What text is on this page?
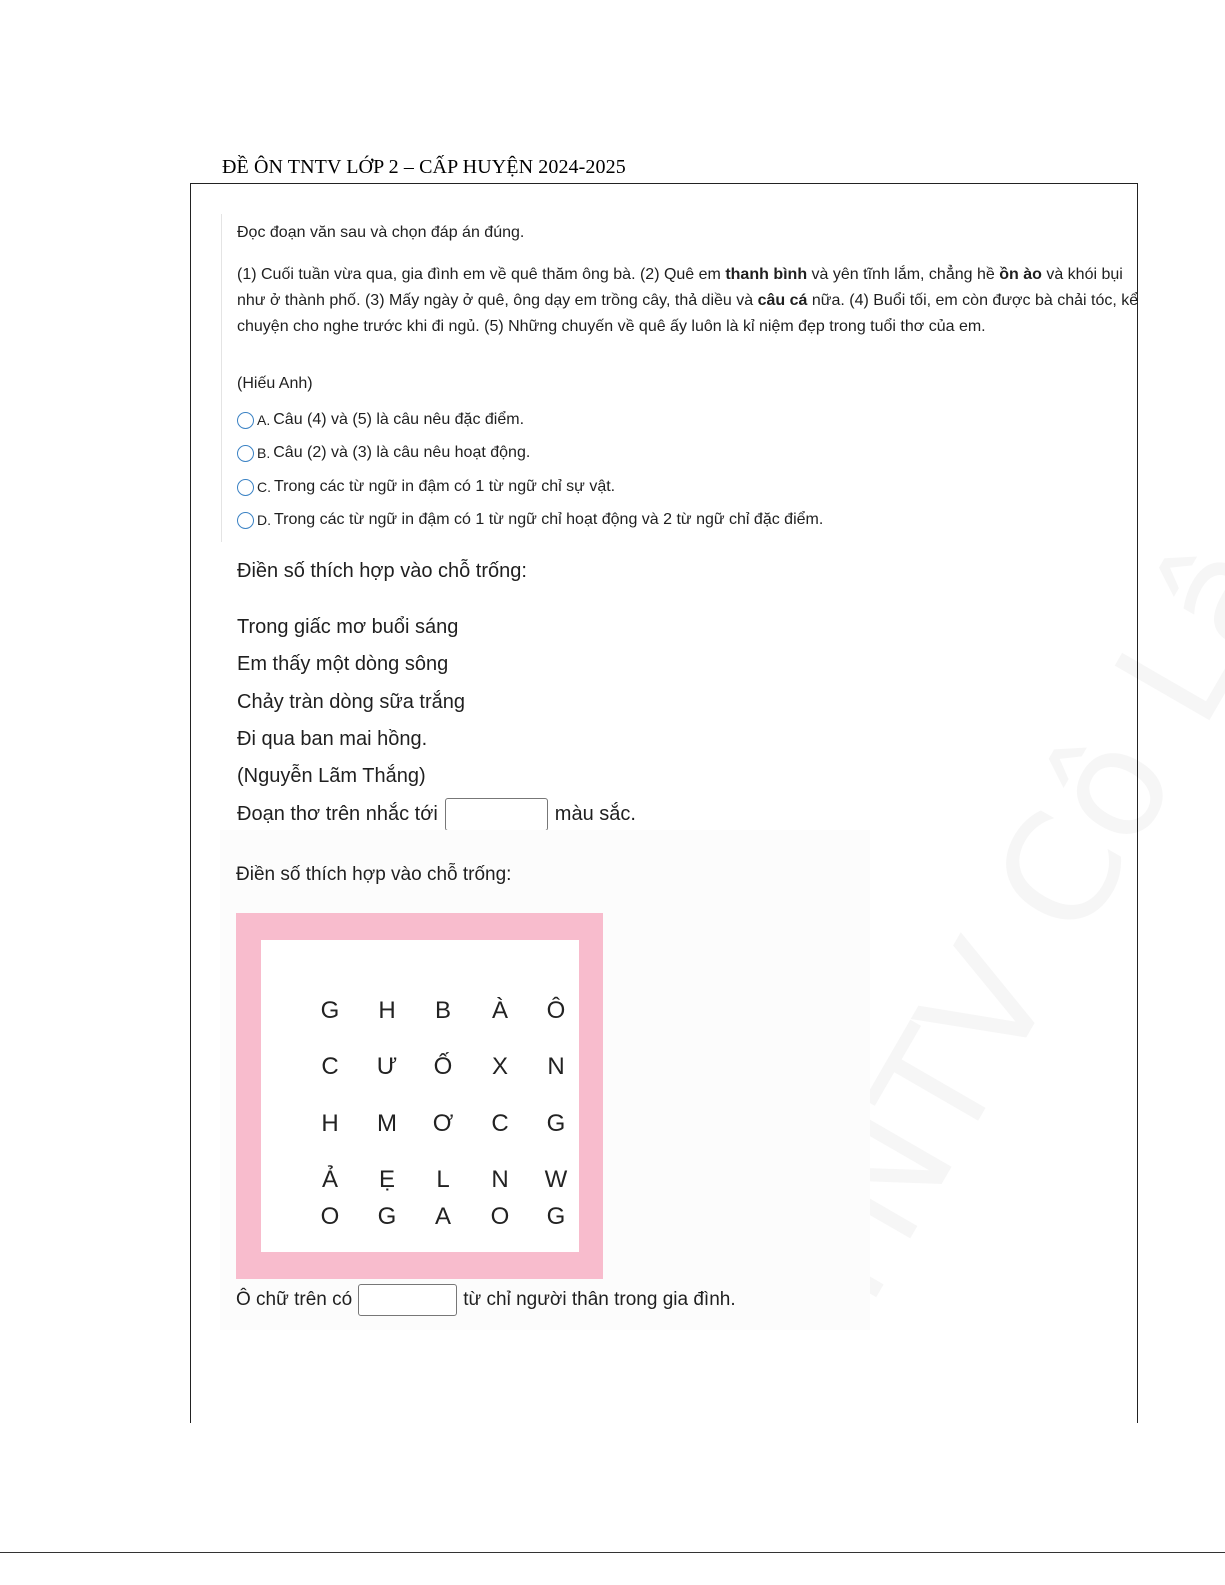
ĐỀ ÔN TNTV LỚP 2 – CẤP HUYỆN 2024-2025
Đọc đoạn văn sau và chọn đáp án đúng.

(1) Cuối tuần vừa qua, gia đình em về quê thăm ông bà. (2) Quê em thanh bình và yên tĩnh lắm, chẳng hề ồn ào và khói bụi như ở thành phố. (3) Mấy ngày ở quê, ông dạy em trồng cây, thả diều và câu cá nữa. (4) Buổi tối, em còn được bà chải tóc, kể chuyện cho nghe trước khi đi ngủ. (5) Những chuyến về quê ấy luôn là kỉ niệm đẹp trong tuổi thơ của em.

(Hiếu Anh)
A. Câu (4) và (5) là câu nêu đặc điểm.
B. Câu (2) và (3) là câu nêu hoạt động.
C. Trong các từ ngữ in đậm có 1 từ ngữ chỉ sự vật.
D. Trong các từ ngữ in đậm có 1 từ ngữ chỉ hoạt động và 2 từ ngữ chỉ đặc điểm.
Điền số thích hợp vào chỗ trống:
Trong giấc mơ buổi sáng
Em thấy một dòng sông
Chảy tràn dòng sữa trắng
Đi qua ban mai hồng.
(Nguyễn Lãm Thắng)
Đoạn thơ trên nhắc tới	màu sắc.
Điền số thích hợp vào chỗ trống:
G	H	B	À	Ô
C	Ư	Ố	X	N
H	M	Ơ	C	G
Ả	Ẹ	L	N	W
O	G	A	O	G
Ô chữ trên có	từ chỉ người thân trong gia đình.
